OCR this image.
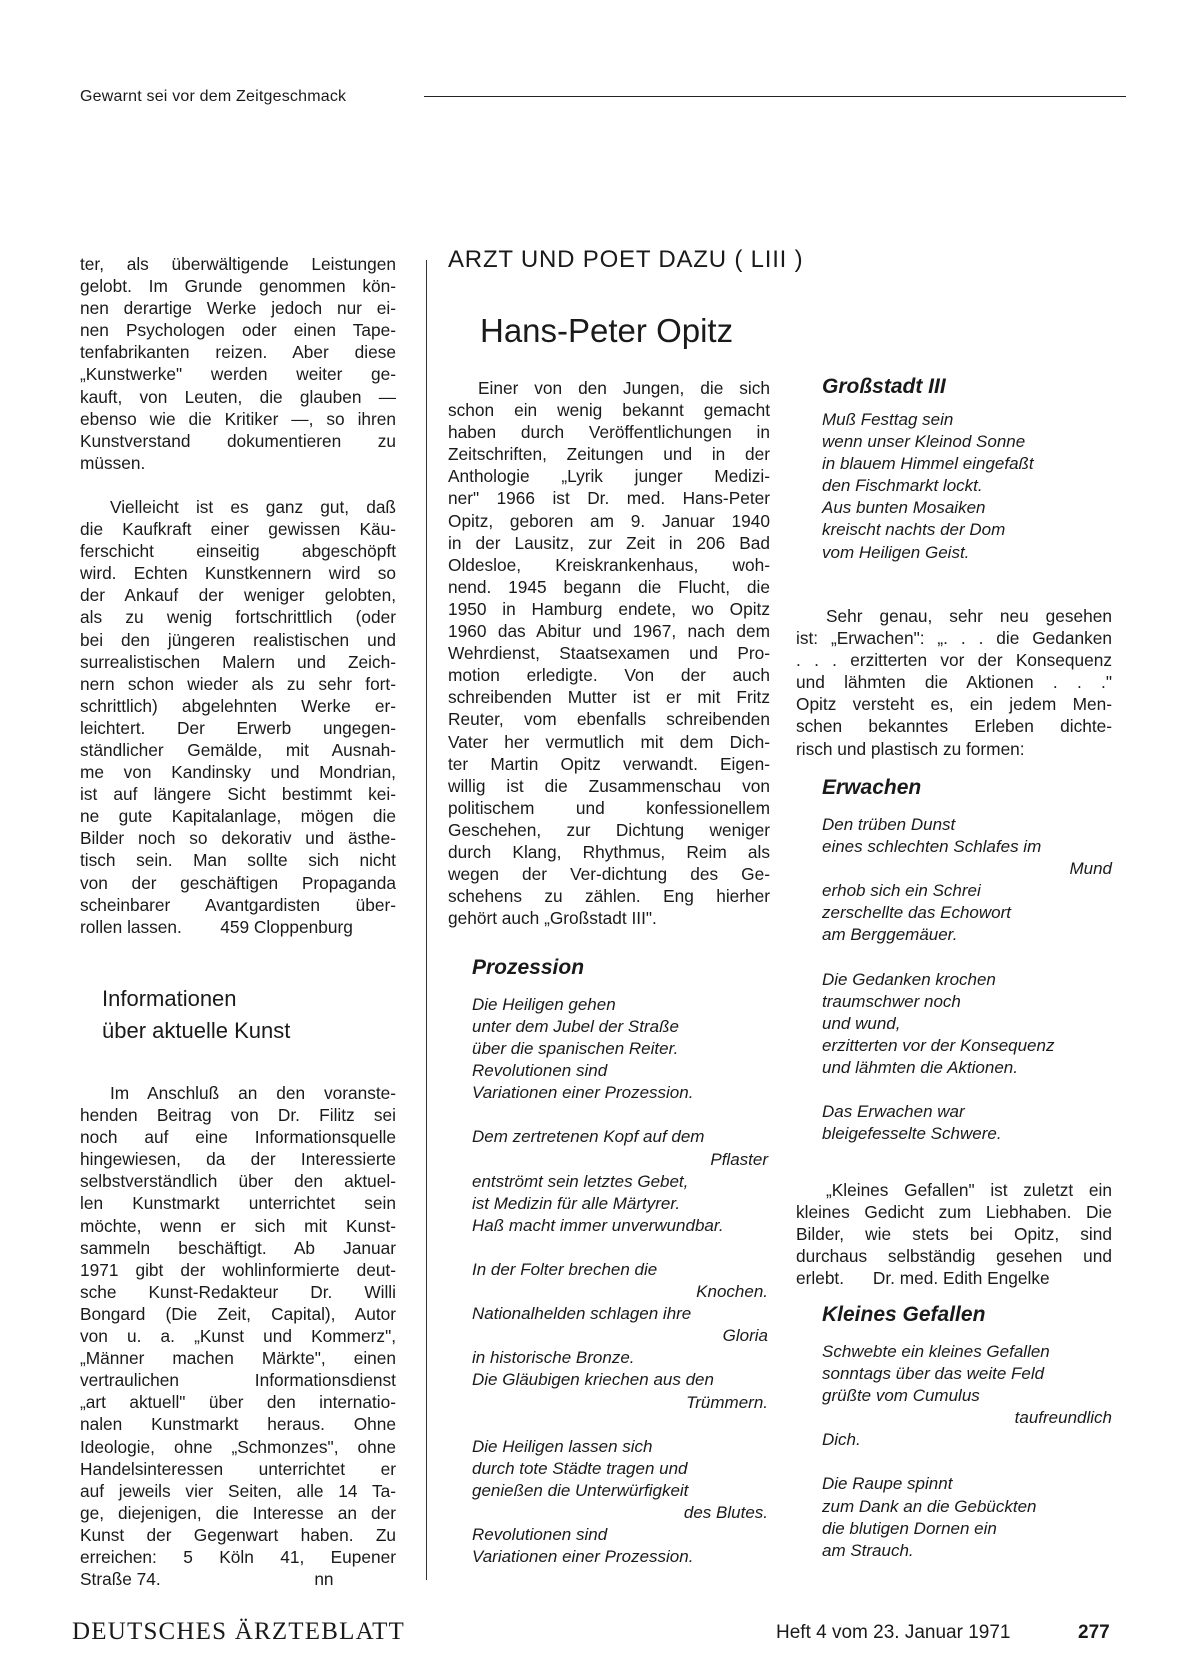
Gewarnt sei vor dem Zeitgeschmack

ter, als überwältigende Leistungen

gelobt. Im Grunde genommen kön-

nen derartige Werke jedoch nur ei-

nen Psychologen oder einen Tape-

tenfabrikanten reizen. Aber diese

„Kunstwerke" werden weiter ge-

kauft, von Leuten, die glauben —

ebenso wie die Kritiker —, so ihren

Kunstverstand dokumentieren zu

müssen.

Vielleicht ist es ganz gut, daß

die Kaufkraft einer gewissen Käu-

ferschicht einseitig abgeschöpft

wird. Echten Kunstkennern wird so

der Ankauf der weniger gelobten,

als zu wenig fortschrittlich (oder

bei den jüngeren realistischen und

surrealistischen Malern und Zeich-

nern schon wieder als zu sehr fort-

schrittlich) abgelehnten Werke er-

leichtert. Der Erwerb ungegen-

ständlicher Gemälde, mit Ausnah-

me von Kandinsky und Mondrian,

ist auf längere Sicht bestimmt kei-

ne gute Kapitalanlage, mögen die

Bilder noch so dekorativ und ästhe-

tisch sein. Man sollte sich nicht

von der geschäftigen Propaganda

scheinbarer Avantgardisten über-

rollen lassen.        459 Cloppenburg

Informationen
über aktuelle Kunst

Im Anschluß an den voranste-

henden Beitrag von Dr. Filitz sei

noch auf eine Informationsquelle

hingewiesen, da der Interessierte

selbstverständlich über den aktuel-

len Kunstmarkt unterrichtet sein

möchte, wenn er sich mit Kunst-

sammeln beschäftigt. Ab Januar

1971 gibt der wohlinformierte deut-

sche Kunst-Redakteur Dr. Willi

Bongard (Die Zeit, Capital), Autor

von u. a. „Kunst und Kommerz",

„Männer machen Märkte", einen

vertraulichen Informationsdienst

„art aktuell" über den internatio-

nalen Kunstmarkt heraus. Ohne

Ideologie, ohne „Schmonzes", ohne

Handelsinteressen unterrichtet er

auf jeweils vier Seiten, alle 14 Ta-

ge, diejenigen, die Interesse an der

Kunst der Gegenwart haben. Zu

erreichen: 5 Köln 41, Eupener

Straße 74.                                nn

ARZT UND POET DAZU ( LIII )
Hans-Peter Opitz

Einer von den Jungen, die sich

schon ein wenig bekannt gemacht

haben durch Veröffentlichungen in

Zeitschriften, Zeitungen und in der

Anthologie „Lyrik junger Medizi-

ner" 1966 ist Dr. med. Hans-Peter

Opitz, geboren am 9. Januar 1940

in der Lausitz, zur Zeit in 206 Bad

Oldesloe, Kreiskrankenhaus, woh-

nend. 1945 begann die Flucht, die

1950 in Hamburg endete, wo Opitz

1960 das Abitur und 1967, nach dem

Wehrdienst, Staatsexamen und Pro-

motion erledigte. Von der auch

schreibenden Mutter ist er mit Fritz

Reuter, vom ebenfalls schreibenden

Vater her vermutlich mit dem Dich-

ter Martin Opitz verwandt. Eigen-

willig ist die Zusammenschau von

politischem und konfessionellem

Geschehen, zur Dichtung weniger

durch Klang, Rhythmus, Reim als

wegen der Ver-dichtung des Ge-

schehens zu zählen. Eng hierher

gehört auch „Großstadt III".

Prozession
Die Heiligen gehen
unter dem Jubel der Straße
über die spanischen Reiter.
Revolutionen sind
Variationen einer Prozession.
Dem zertretenen Kopf auf dem
Pflaster
entströmt sein letztes Gebet,
ist Medizin für alle Märtyrer.
Haß macht immer unverwundbar.
In der Folter brechen die
Knochen.
Nationalhelden schlagen ihre
Gloria
in historische Bronze.
Die Gläubigen kriechen aus den
Trümmern.
Die Heiligen lassen sich
durch tote Städte tragen und
genießen die Unterwürfigkeit
des Blutes.
Revolutionen sind
Variationen einer Prozession.
Großstadt III
Muß Festtag sein
wenn unser Kleinod Sonne
in blauem Himmel eingefaßt
den Fischmarkt lockt.
Aus bunten Mosaiken
kreischt nachts der Dom
vom Heiligen Geist.

Sehr genau, sehr neu gesehen

ist: „Erwachen": „. . . die Gedanken

. . . erzitterten vor der Konsequenz

und lähmten die Aktionen . . ."

Opitz versteht es, ein jedem Men-

schen bekanntes Erleben dichte-

risch und plastisch zu formen:

Erwachen
Den trüben Dunst
eines schlechten Schlafes im
Mund
erhob sich ein Schrei
zerschellte das Echowort
am Berggemäuer.
Die Gedanken krochen
traumschwer noch
und wund,
erzitterten vor der Konsequenz
und lähmten die Aktionen.
Das Erwachen war
bleigefesselte Schwere.

„Kleines Gefallen" ist zuletzt ein

kleines Gedicht zum Liebhaben. Die

Bilder, wie stets bei Opitz, sind

durchaus selbständig gesehen und

erlebt.      Dr. med. Edith Engelke

Kleines Gefallen
Schwebte ein kleines Gefallen
sonntags über das weite Feld
grüßte vom Cumulus
taufreundlich
Dich.
Die Raupe spinnt
zum Dank an die Gebückten
die blutigen Dornen ein
am Strauch.
DEUTSCHES ÄRZTEBLATT	Heft 4 vom 23. Januar 1971	277
